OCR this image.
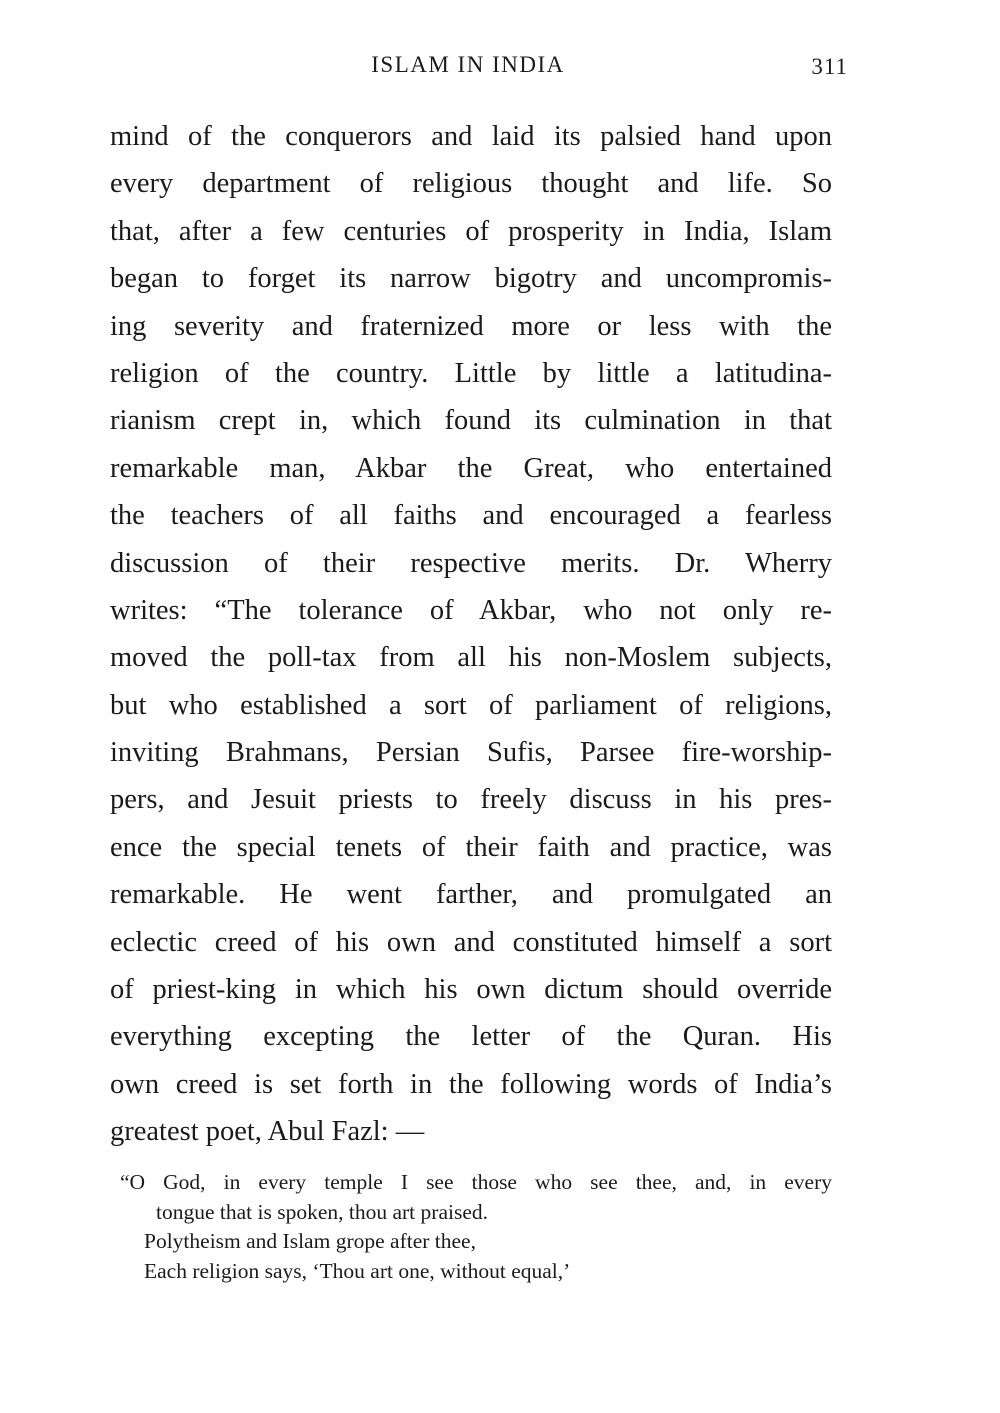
ISLAM IN INDIA	311
mind of the conquerors and laid its palsied hand upon
every department of religious thought and life. So
that, after a few centuries of prosperity in India, Islam
began to forget its narrow bigotry and uncompromis-
ing severity and fraternized more or less with the
religion of the country. Little by little a latitudina-
rianism crept in, which found its culmination in that
remarkable man, Akbar the Great, who entertained
the teachers of all faiths and encouraged a fearless
discussion of their respective merits. Dr. Wherry
writes: “The tolerance of Akbar, who not only re-
moved the poll-tax from all his non-Moslem subjects,
but who established a sort of parliament of religions,
inviting Brahmans, Persian Sufis, Parsee fire-worship-
pers, and Jesuit priests to freely discuss in his pres-
ence the special tenets of their faith and practice, was
remarkable. He went farther, and promulgated an
eclectic creed of his own and constituted himself a sort
of priest-king in which his own dictum should override
everything excepting the letter of the Quran. His
own creed is set forth in the following words of India’s
greatest poet, Abul Fazl: —
“O God, in every temple I see those who see thee, and, in every
tongue that is spoken, thou art praised.
Polytheism and Islam grope after thee,
Each religion says, ‘Thou art one, without equal,’
